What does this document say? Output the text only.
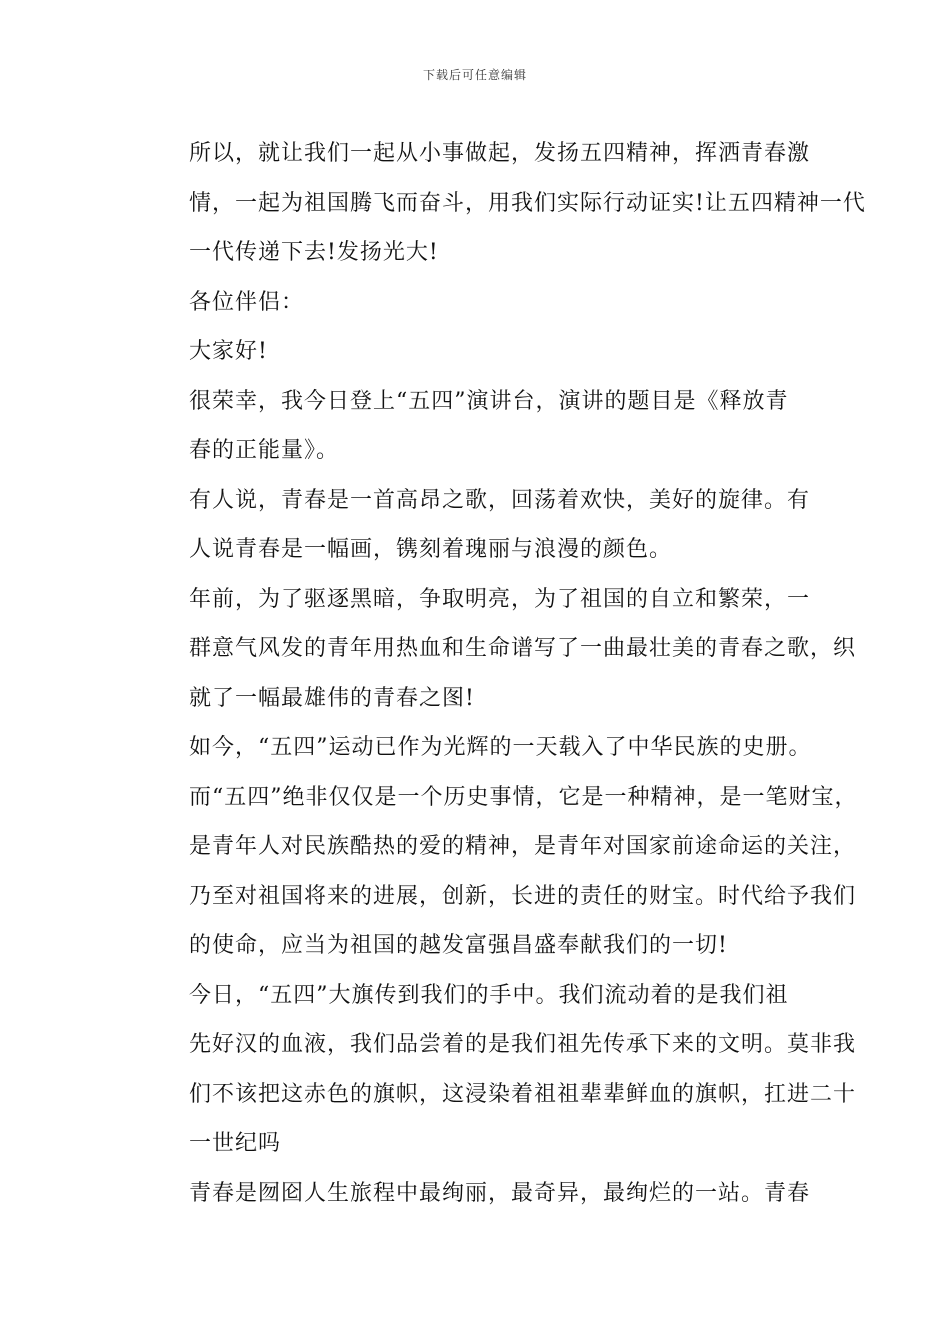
下载后可任意编辑

所以，就让我们一起从小事做起，发扬五四精神，挥洒青春激
情，一起为祖国腾飞而奋斗，用我们实际行动证实!让五四精神一代
一代传递下去!发扬光大!

各位伴侣：

大家好!

很荣幸，我今日登上“五四”演讲台，演讲的题目是《释放青
春的正能量》。

有人说，青春是一首高昂之歌，回荡着欢快，美好的旋律。有
人说青春是一幅画，镌刻着瑰丽与浪漫的颜色。

年前，为了驱逐黑暗，争取明亮，为了祖国的自立和繁荣，一
群意气风发的青年用热血和生命谱写了一曲最壮美的青春之歌，织
就了一幅最雄伟的青春之图!

如今，“五四”运动已作为光辉的一天载入了中华民族的史册。
而“五四”绝非仅仅是一个历史事情，它是一种精神，是一笔财宝，
是青年人对民族酷热的爱的精神，是青年对国家前途命运的关注，
乃至对祖国将来的进展，创新，长进的责任的财宝。时代给予我们
的使命，应当为祖国的越发富强昌盛奉献我们的一切!

今日，“五四”大旗传到我们的手中。我们流动着的是我们祖
先好汉的血液，我们品尝着的是我们祖先传承下来的文明。莫非我
们不该把这赤色的旗帜，这浸染着祖祖辈辈鲜血的旗帜，扛进二十
一世纪吗

青春是囫囵人生旅程中最绚丽，最奇异，最绚烂的一站。青春
